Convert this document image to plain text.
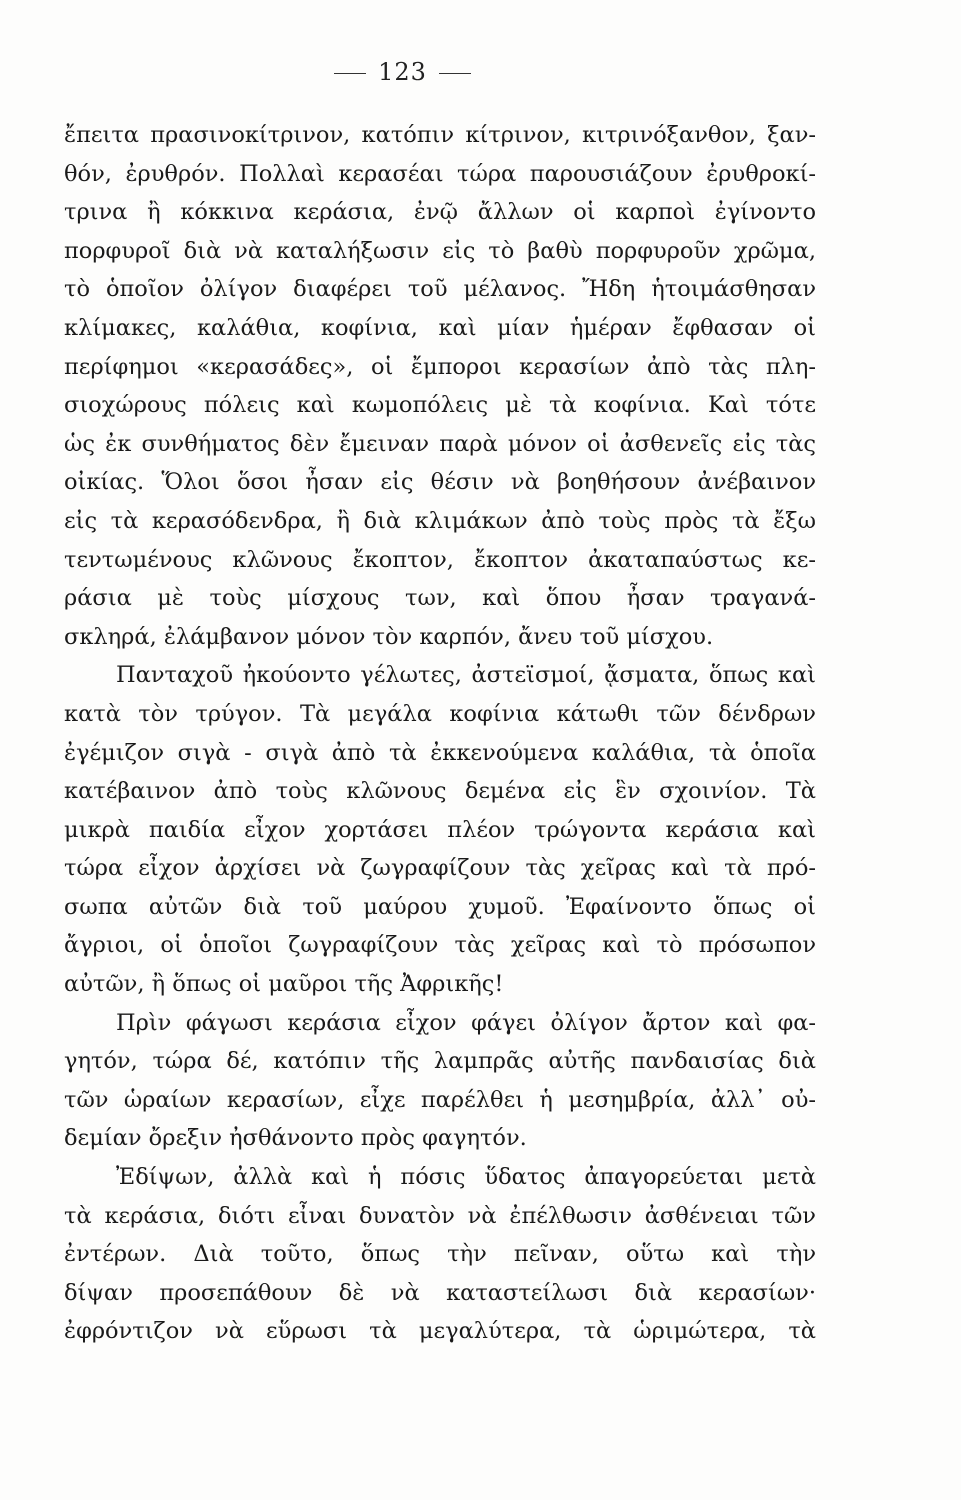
123
ἔπειτα πρασινοκίτρινον, κατόπιν κίτρινον, κιτρινόξανθον, ξαν-
θόν, ἐρυθρόν. Πολλαὶ κερασέαι τώρα παρουσιάζουν ἐρυθροκί-
τρινα ἢ κόκκινα κεράσια, ἐνῷ ἄλλων οἱ καρποὶ ἐγίνοντο
πορφυροῖ διὰ νὰ καταλήξωσιν εἰς τὸ βαθὺ πορφυροῦν χρῶμα,
τὸ ὁποῖον ὀλίγον διαφέρει τοῦ μέλανος. Ἤδη ἡτοιμάσθησαν
κλίμακες, καλάθια, κοφίνια, καὶ μίαν ἡμέραν ἔφθασαν οἱ
περίφημοι «κερασάδες», οἱ ἔμποροι κερασίων ἀπὸ τὰς πλη-
σιοχώρους πόλεις καὶ κωμοπόλεις μὲ τὰ κοφίνια. Καὶ τότε
ὡς ἐκ συνθήματος δὲν ἔμειναν παρὰ μόνον οἱ ἀσθενεῖς εἰς τὰς
οἰκίας. Ὅλοι ὅσοι ἦσαν εἰς θέσιν νὰ βοηθήσουν ἀνέβαινον
εἰς τὰ κερασόδενδρα, ἢ διὰ κλιμάκων ἀπὸ τοὺς πρὸς τὰ ἔξω
τεντωμένους κλῶνους ἔκοπτον, ἔκοπτον ἀκαταπαύστως κε-
ράσια μὲ τοὺς μίσχους των, καὶ ὅπου ἦσαν τραγανά-
σκληρά, ἐλάμβανον μόνον τὸν καρπόν, ἄνευ τοῦ μίσχου.
Πανταχοῦ ἠκούοντο γέλωτες, ἀστεϊσμοί, ᾄσματα, ὅπως καὶ
κατὰ τὸν τρύγον. Τὰ μεγάλα κοφίνια κάτωθι τῶν δένδρων
ἐγέμιζον σιγὰ - σιγὰ ἀπὸ τὰ ἐκκενούμενα καλάθια, τὰ ὁποῖα
κατέβαινον ἀπὸ τοὺς κλῶνους δεμένα εἰς ἓν σχοινίον. Τὰ
μικρὰ παιδία εἶχον χορτάσει πλέον τρώγοντα κεράσια καὶ
τώρα εἶχον ἀρχίσει νὰ ζωγραφίζουν τὰς χεῖρας καὶ τὰ πρό-
σωπα αὐτῶν διὰ τοῦ μαύρου χυμοῦ. Ἐφαίνοντο ὅπως οἱ
ἄγριοι, οἱ ὁποῖοι ζωγραφίζουν τὰς χεῖρας καὶ τὸ πρόσωπον
αὐτῶν, ἢ ὅπως οἱ μαῦροι τῆς Ἀφρικῆς!
Πρὶν φάγωσι κεράσια εἶχον φάγει ὀλίγον ἄρτον καὶ φα-
γητόν, τώρα δέ, κατόπιν τῆς λαμπρᾶς αὐτῆς πανδαισίας διὰ
τῶν ὡραίων κερασίων, εἶχε παρέλθει ἡ μεσημβρία, ἀλλ᾽ οὐ-
δεμίαν ὄρεξιν ἠσθάνοντο πρὸς φαγητόν.
Ἐδίψων, ἀλλὰ καὶ ἡ πόσις ὕδατος ἀπαγορεύεται μετὰ
τὰ κεράσια, διότι εἶναι δυνατὸν νὰ ἐπέλθωσιν ἀσθένειαι τῶν
ἐντέρων. Διὰ τοῦτο, ὅπως τὴν πεῖναν, οὕτω καὶ τὴν
δίψαν προσεπάθουν δὲ νὰ καταστείλωσι διὰ κερασίων·
ἐφρόντιζον νὰ εὕρωσι τὰ μεγαλύτερα, τὰ ὡριμώτερα, τὰ
